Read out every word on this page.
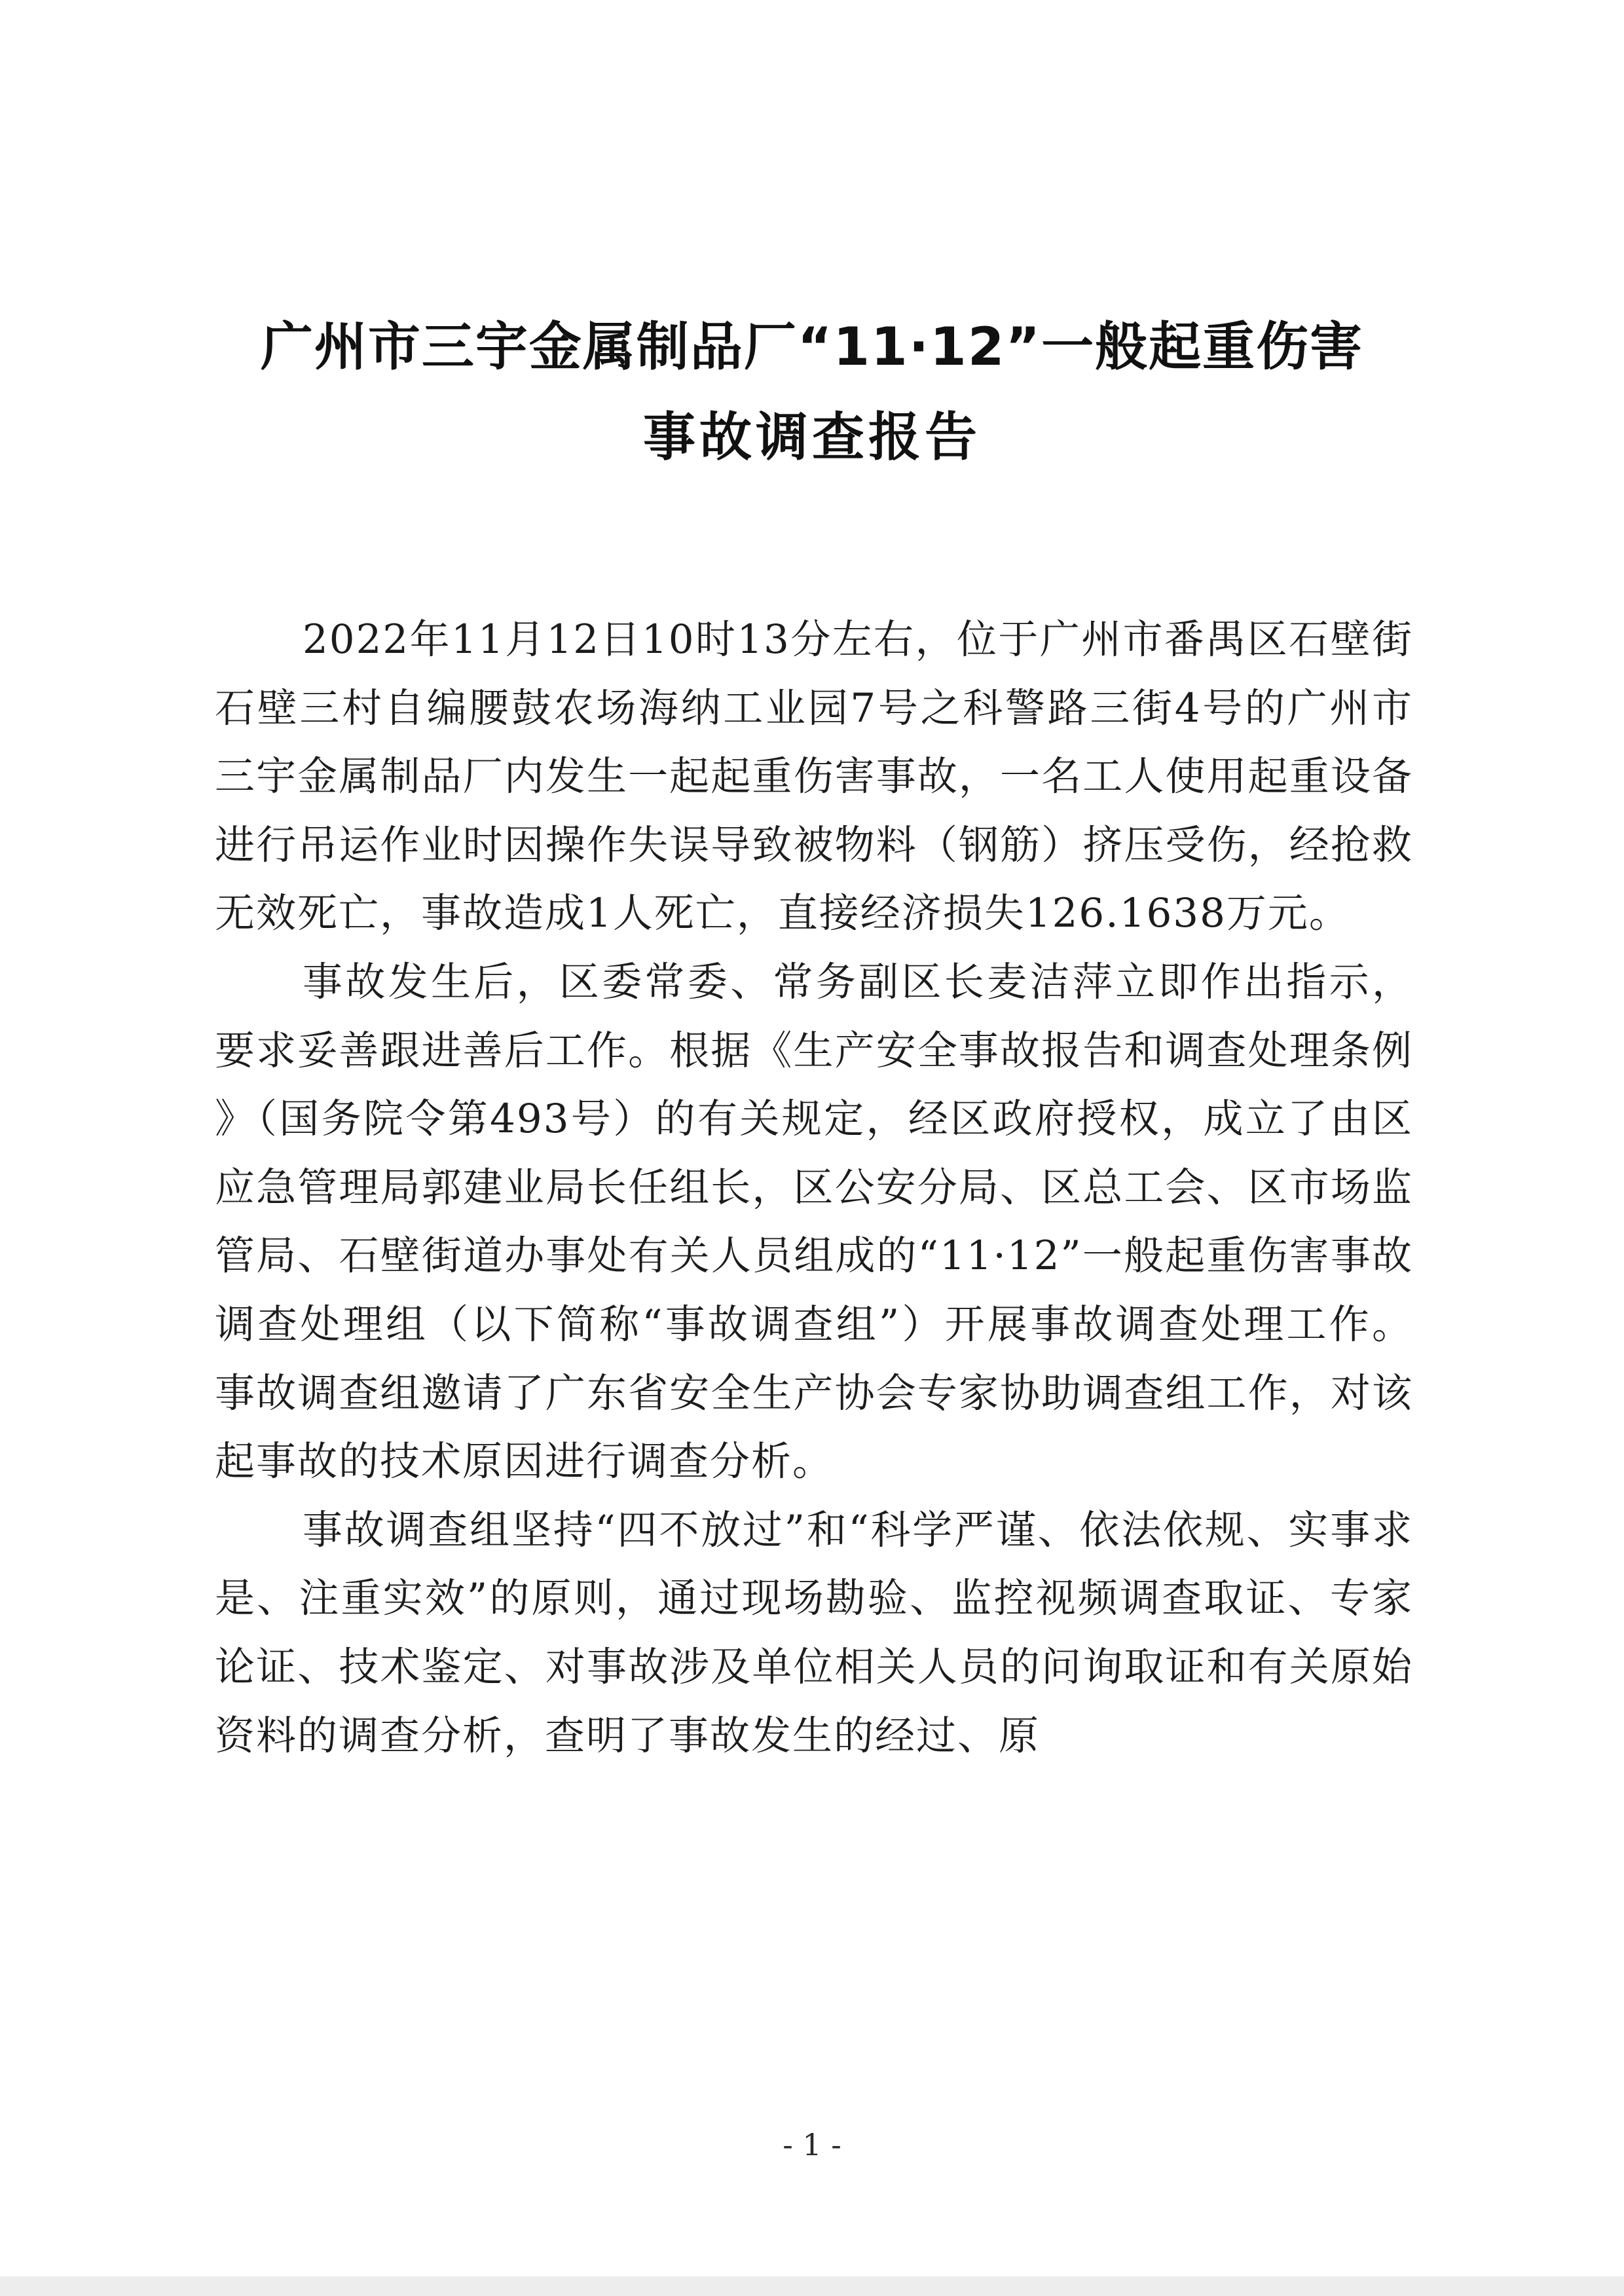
广州市三宇金属制品厂“11·12”一般起重伤害
事故调查报告

2022年11月12日10时13分左右，位于广州市番禺区石壁街石壁三村自编腰鼓农场海纳工业园7号之科警路三街4号的广州市三宇金属制品厂内发生一起起重伤害事故，一名工人使用起重设备进行吊运作业时因操作失误导致被物料（钢筋）挤压受伤，经抢救无效死亡，事故造成1人死亡，直接经济损失126.1638万元。

事故发生后，区委常委、常务副区长麦洁萍立即作出指示，要求妥善跟进善后工作。根据《生产安全事故报告和调查处理条例》（国务院令第493号）的有关规定，经区政府授权，成立了由区应急管理局郭建业局长任组长，区公安分局、区总工会、区市场监管局、石壁街道办事处有关人员组成的“11·12”一般起重伤害事故调查处理组（以下简称“事故调查组”）开展事故调查处理工作。事故调查组邀请了广东省安全生产协会专家协助调查组工作，对该起事故的技术原因进行调查分析。

事故调查组坚持“四不放过”和“科学严谨、依法依规、实事求是、注重实效”的原则，通过现场勘验、监控视频调查取证、专家论证、技术鉴定、对事故涉及单位相关人员的问询取证和有关原始资料的调查分析，查明了事故发生的经过、原

- 1 -
